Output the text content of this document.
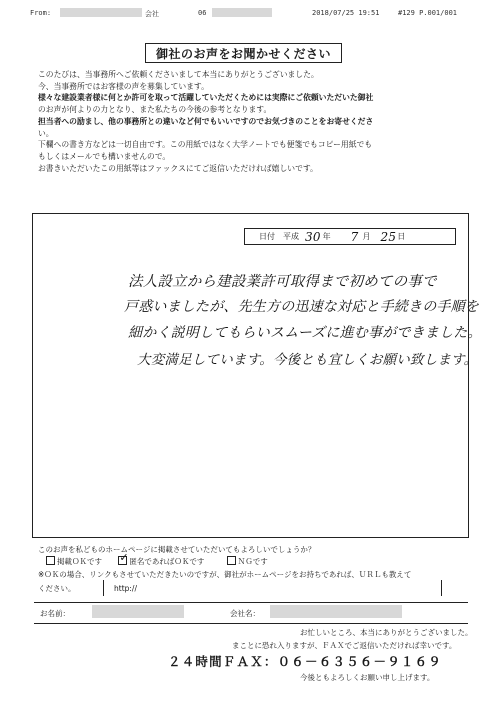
From:	会社	06	2018/07/25 19:51	#129 P.001/001
御社のお声をお聞かせください

このたびは、当事務所へご依頼くださいまして本当にありがとうございました。

今、当事務所ではお客様の声を募集しています。

様々な建設業者様に何とか許可を取って活躍していただくためには実際にご依頼いただいた御社

のお声が何よりの力となり、また私たちの今後の参考となります。

担当者への励まし、他の事務所との違いなど何でもいいですのでお気づきのことをお寄せくださ

い。

下欄への書き方などは一切自由です。この用紙ではなく大学ノートでも便箋でもコピー用紙でも

もしくはメールでも構いませんので。

お書きいただいたこの用紙等はファックスにてご返信いただければ嬉しいです。

日付 平成 30 年 7 月 25 日
法人設立から建設業許可取得まで初めての事で
戸惑いましたが、先生方の迅速な対応と手続きの手順を
細かく説明してもらいスムーズに進む事ができました。
大変満足しています。今後とも宜しくお願い致します。
このお声を私どものホームページに掲載させていただいてもよろしいでしょうか？
掲載ＯＫです ✓ 匿名であればＯＫです	ＮＧです
※ＯＫの場合、リンクもさせていただきたいのですが、御社がホームページをお持ちであれば、ＵＲＬも教えて
ください。	http://
お名前：	会社名：
お忙しいところ、本当にありがとうございました。
まことに恐れ入りますが、ＦＡＸでご返信いただければ幸いです。
２４時間ＦＡＸ：０６－６３５６－９１６９
今後ともよろしくお願い申し上げます。
